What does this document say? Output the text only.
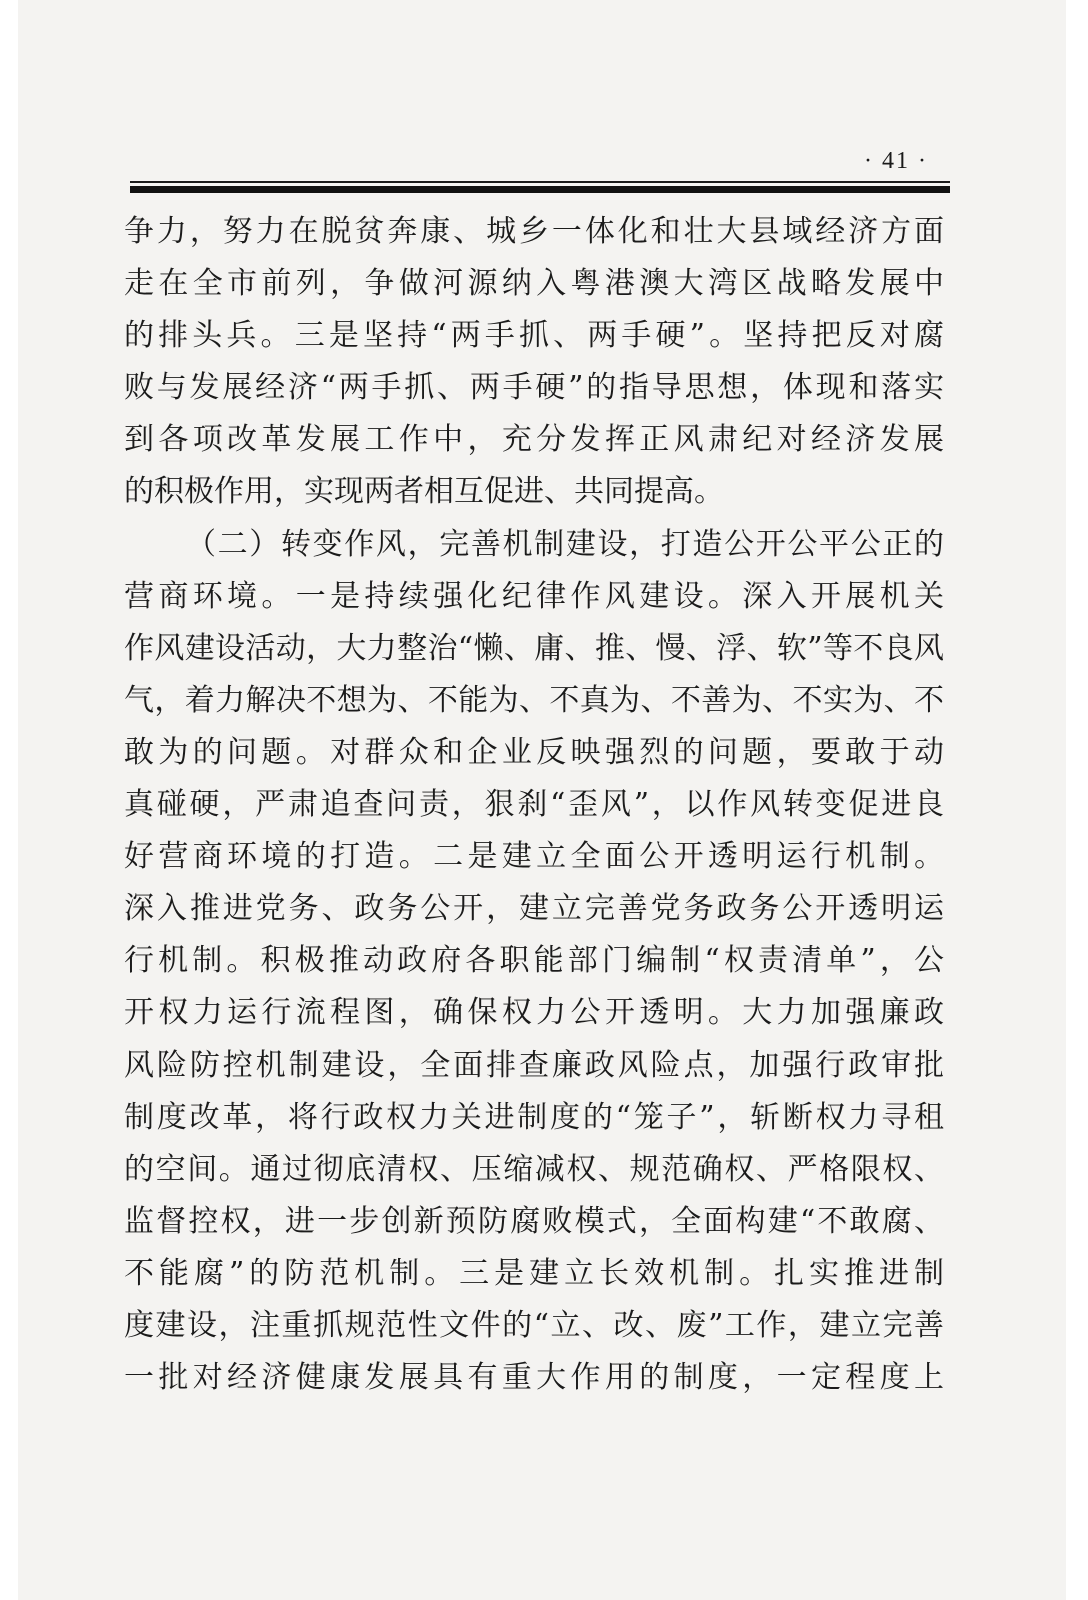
· 41 ·
争力，努力在脱贫奔康、城乡一体化和壮大县域经济方面
走在全市前列，争做河源纳入粤港澳大湾区战略发展中
的排头兵。三是坚持“两手抓、两手硬”。坚持把反对腐
败与发展经济“两手抓、两手硬”的指导思想，体现和落实
到各项改革发展工作中，充分发挥正风肃纪对经济发展
的积极作用，实现两者相互促进、共同提高。
（二）转变作风，完善机制建设，打造公开公平公正的
营商环境。一是持续强化纪律作风建设。深入开展机关
作风建设活动，大力整治“懒、庸、推、慢、浮、软”等不良风
气，着力解决不想为、不能为、不真为、不善为、不实为、不
敢为的问题。对群众和企业反映强烈的问题，要敢于动
真碰硬，严肃追查问责，狠刹“歪风”，以作风转变促进良
好营商环境的打造。二是建立全面公开透明运行机制。
深入推进党务、政务公开，建立完善党务政务公开透明运
行机制。积极推动政府各职能部门编制“权责清单”，公
开权力运行流程图，确保权力公开透明。大力加强廉政
风险防控机制建设，全面排查廉政风险点，加强行政审批
制度改革，将行政权力关进制度的“笼子”，斩断权力寻租
的空间。通过彻底清权、压缩减权、规范确权、严格限权、
监督控权，进一步创新预防腐败模式，全面构建“不敢腐、
不能腐”的防范机制。三是建立长效机制。扎实推进制
度建设，注重抓规范性文件的“立、改、废”工作，建立完善
一批对经济健康发展具有重大作用的制度，一定程度上
